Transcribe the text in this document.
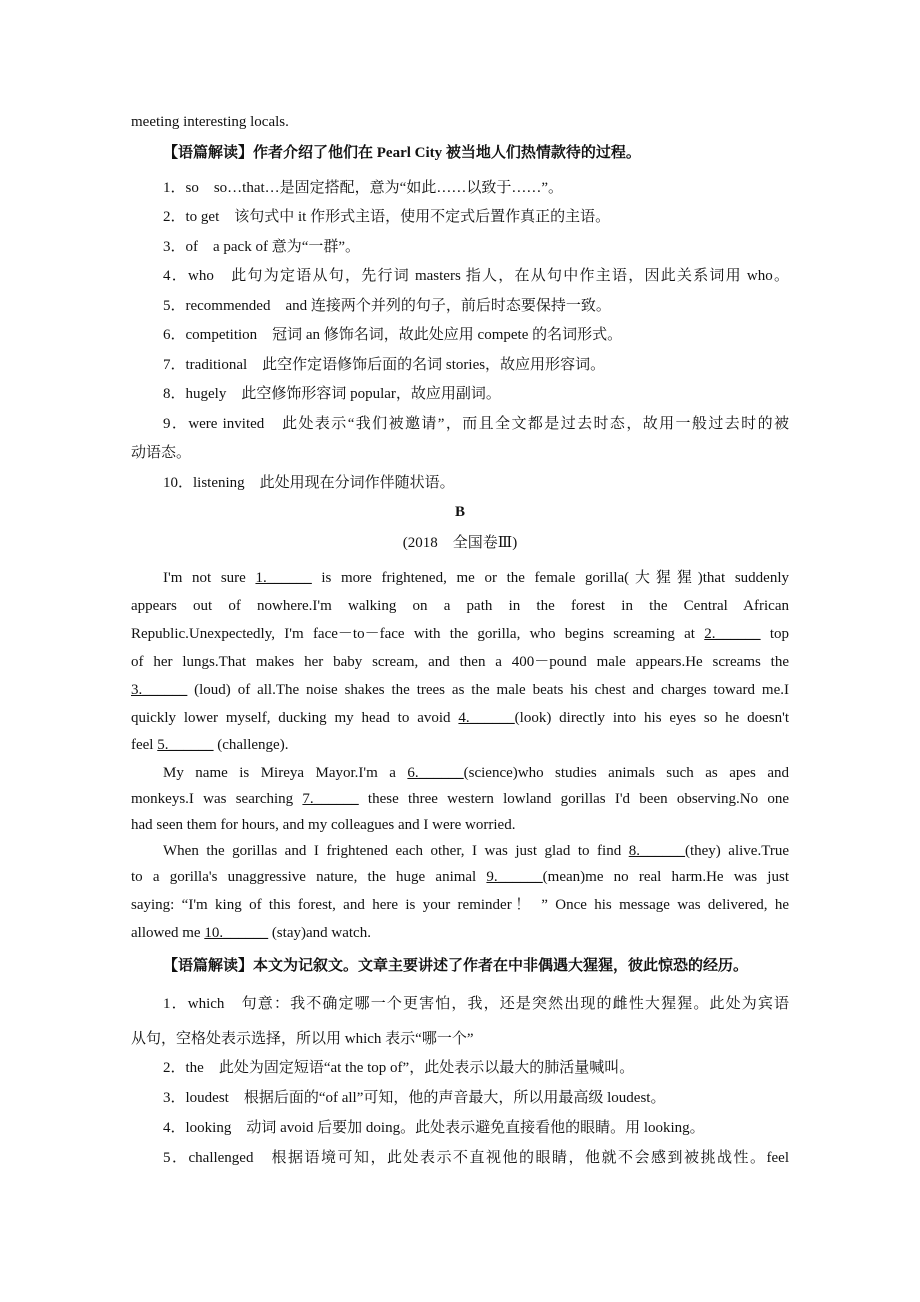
meeting interesting locals.
【语篇解读】作者介绍了他们在 Pearl City 被当地人们热情款待的过程。
1．so　so…that…是固定搭配，意为“如此……以致于……”。
2．to get　该句式中 it 作形式主语，使用不定式后置作真正的主语。
3．of　a pack of 意为“一群”。
4．who　此句为定语从句，先行词 masters 指人，在从句中作主语，因此关系词用 who。
5．recommended　and 连接两个并列的句子，前后时态要保持一致。
6．competition　冠词 an 修饰名词，故此处应用 compete 的名词形式。
7．traditional　此空作定语修饰后面的名词 stories，故应用形容词。
8．hugely　此空修饰形容词 popular，故应用副词。
9．were invited　此处表示“我们被邀请”，而且全文都是过去时态，故用一般过去时的被
动语态。
10．listening　此处用现在分词作伴随状语。
B
(2018　全国卷Ⅲ)
I'm not sure 1.______ is more frightened, me or the female gorilla(大猩猩)that suddenly
appears out of nowhere.I'm walking on a path in the forest in the Central African
Republic.Unexpectedly, I'm face－to－face with the gorilla, who begins screaming at 2.______ top
of her lungs.That makes her baby scream, and then a 400－pound male appears.He screams the
3.______ (loud) of all.The noise shakes the trees as the male beats his chest and charges toward me.I
quickly lower myself, ducking my head to avoid 4.______(look) directly into his eyes so he doesn't
feel 5.______ (challenge).
My name is Mireya Mayor.I'm a 6.______(science)who studies animals such as apes and
monkeys.I was searching 7.______ these three western lowland gorillas I'd been observing.No one
had seen them for hours, and my colleagues and I were worried.
When the gorillas and I frightened each other, I was just glad to find 8.______(they) alive.True
to a gorilla's unaggressive nature, the huge animal 9.______(mean)me no real harm.He was just
saying: “I'm king of this forest, and here is your reminder！ ” Once his message was delivered, he
allowed me 10.______ (stay)and watch.
【语篇解读】本文为记叙文。文章主要讲述了作者在中非偶遇大猩猩，彼此惊恐的经历。
1．which　句意：我不确定哪一个更害怕，我，还是突然出现的雌性大猩猩。此处为宾语
从句，空格处表示选择，所以用 which 表示“哪一个”
2．the　此处为固定短语“at the top of”，此处表示以最大的肺活量喊叫。
3．loudest　根据后面的“of all”可知，他的声音最大，所以用最高级 loudest。
4．looking　动词 avoid 后要加 doing。此处表示避免直接看他的眼睛。用 looking。
5．challenged　根据语境可知，此处表示不直视他的眼睛，他就不会感到被挑战性。feel
